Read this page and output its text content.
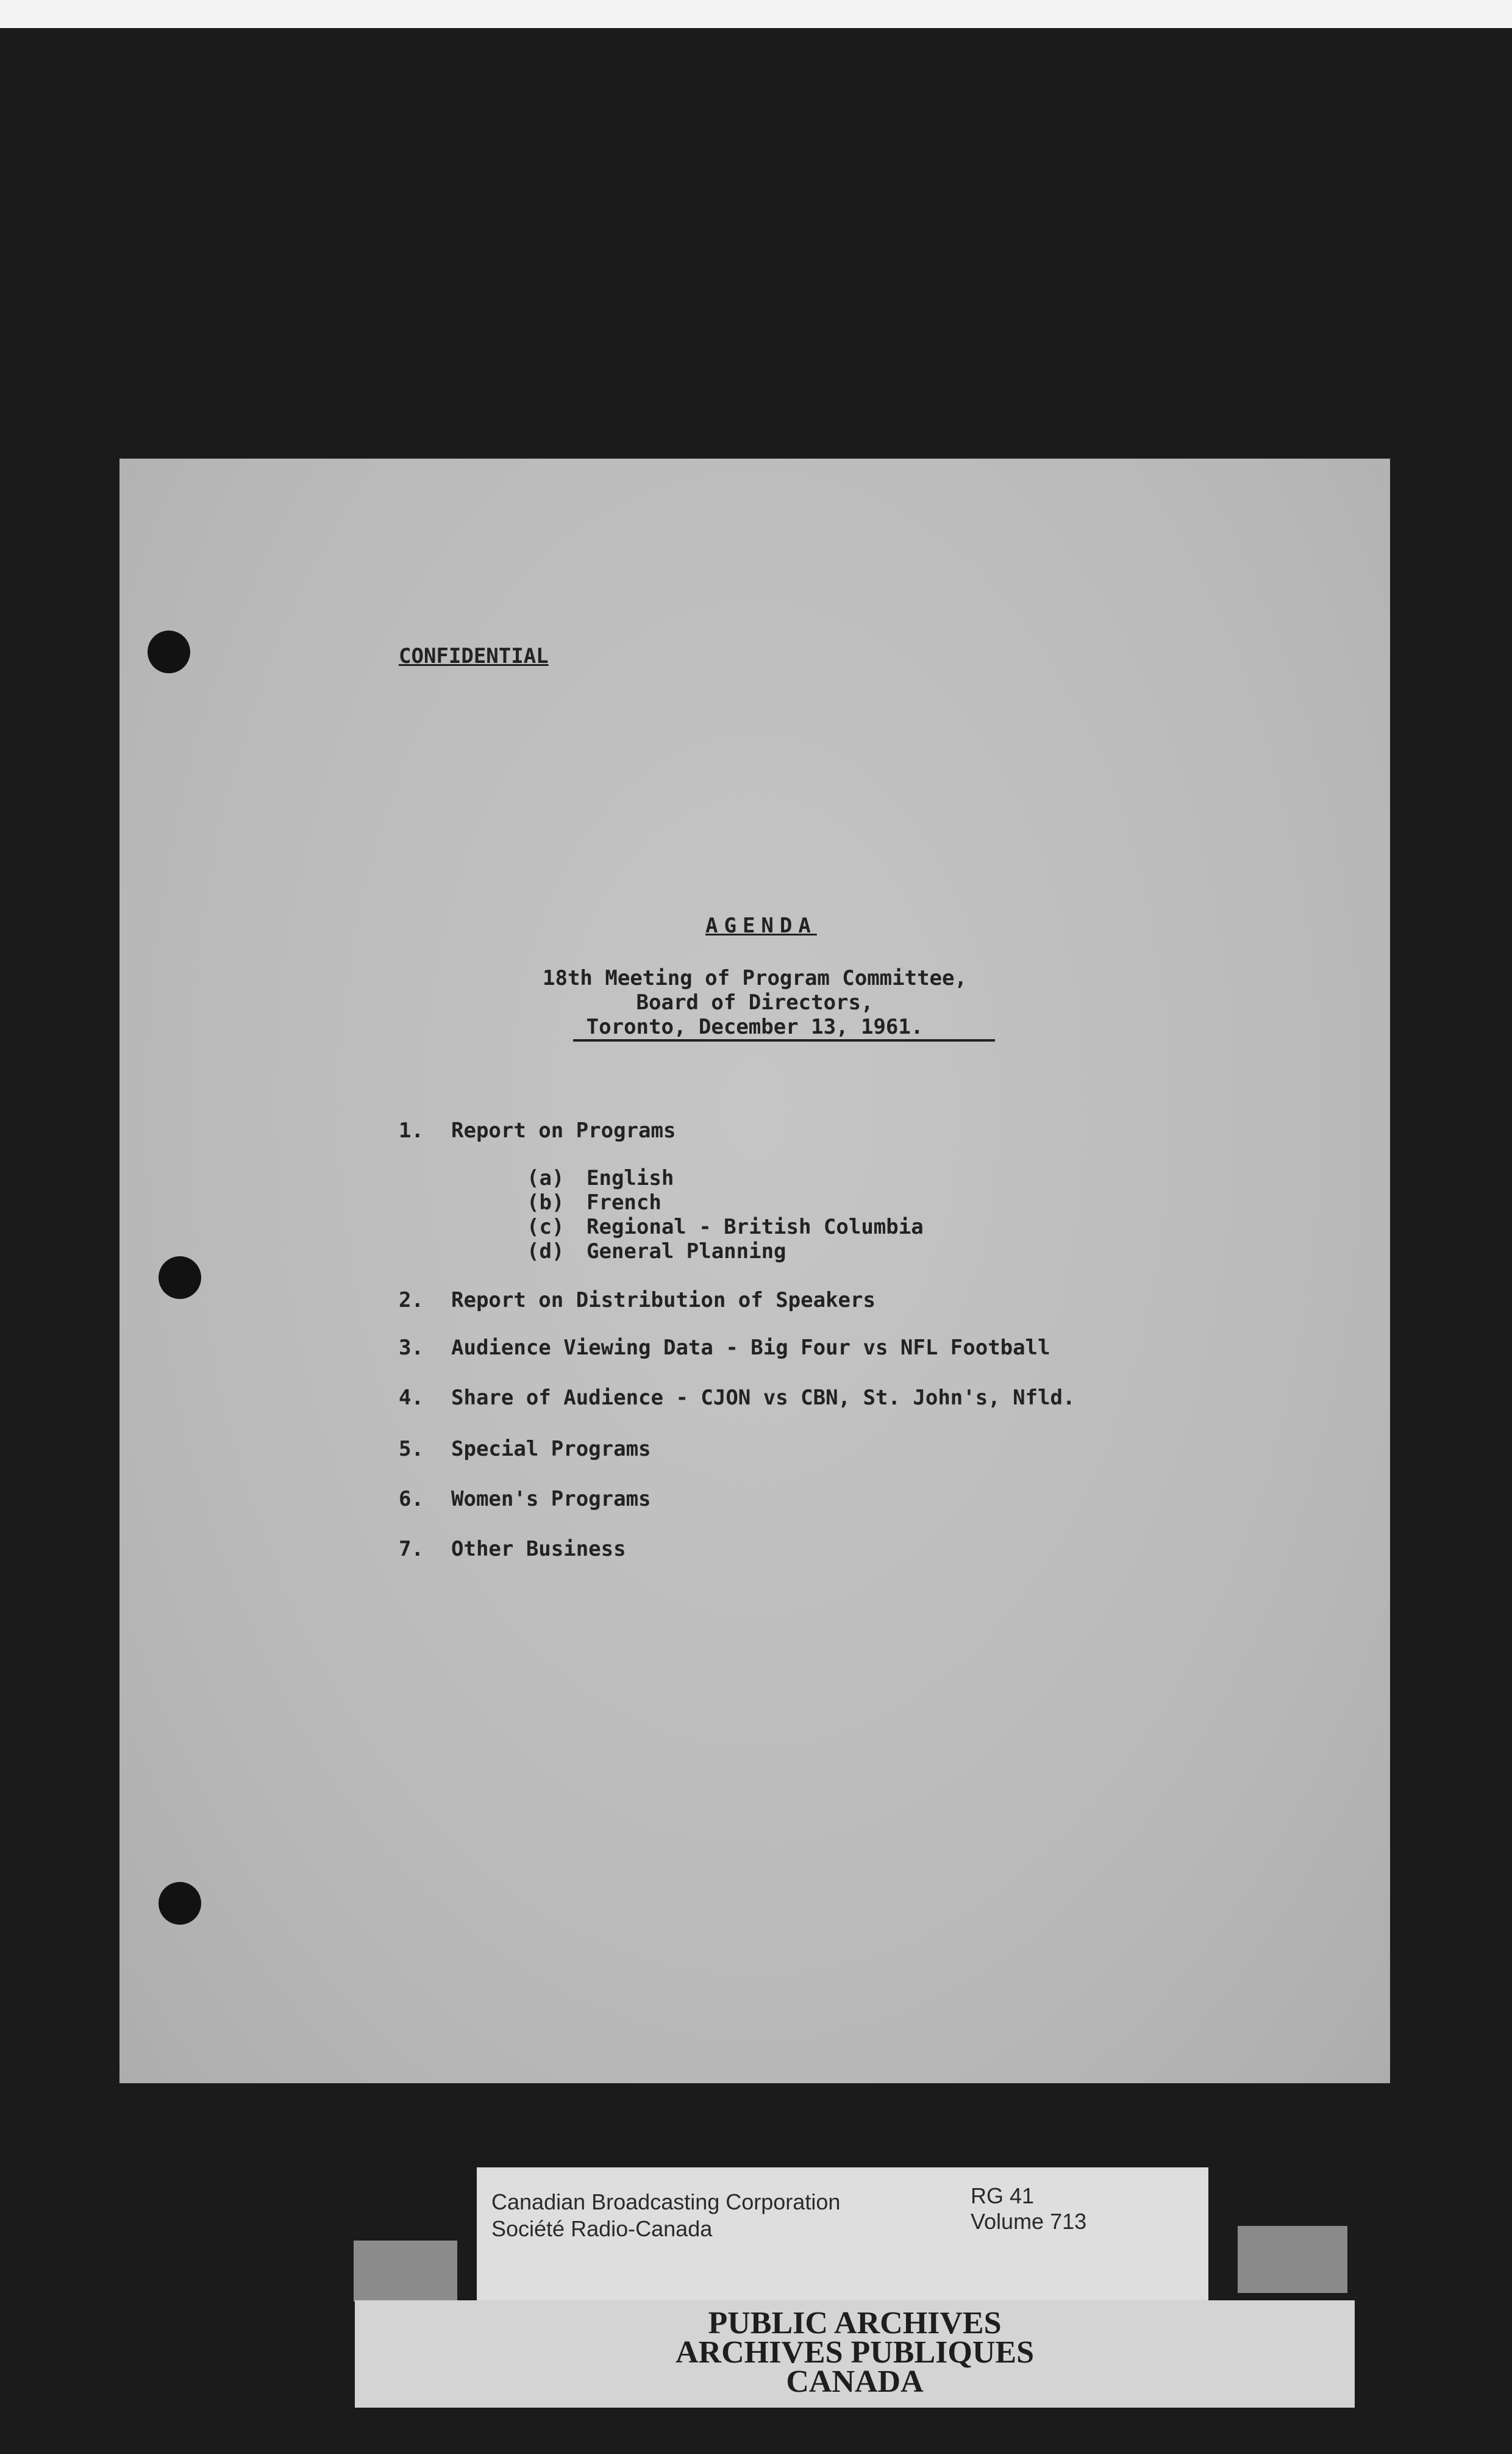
CONFIDENTIAL
AGENDA
18th Meeting of Program Committee,
Board of Directors,
Toronto, December 13, 1961.
1. Report on Programs
(a) English
(b) French
(c) Regional - British Columbia
(d) General Planning
2. Report on Distribution of Speakers
3. Audience Viewing Data - Big Four vs NFL Football
4. Share of Audience - CJON vs CBN, St. John's, Nfld.
5. Special Programs
6. Women's Programs
7. Other Business
Canadian Broadcasting Corporation
Société Radio-Canada
RG 41
Volume 713
PUBLIC ARCHIVES
ARCHIVES PUBLIQUES
CANADA
